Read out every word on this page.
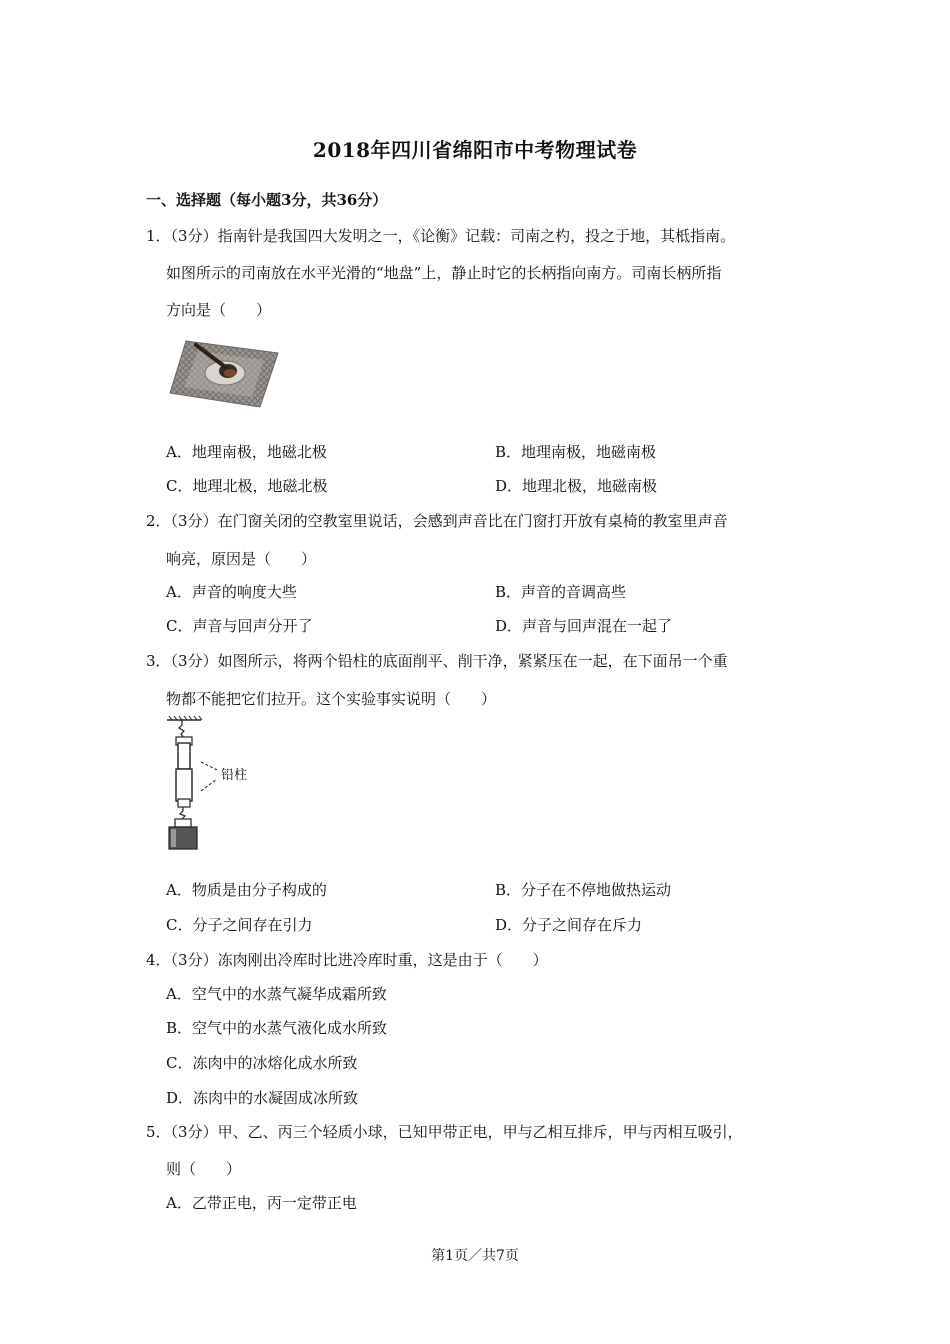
2018年四川省绵阳市中考物理试卷
一、选择题（每小题3分，共36分）
1．（3分）指南针是我国四大发明之一，《论衡》记载：司南之杓，投之于地，其柢指南。
如图所示的司南放在水平光滑的“地盘”上，静止时它的长柄指向南方。司南长柄所指
方向是（　　）
A．地理南极，地磁北极	B．地理南极，地磁南极
C．地理北极，地磁北极	D．地理北极，地磁南极
2．（3分）在门窗关闭的空教室里说话，会感到声音比在门窗打开放有桌椅的教室里声音
响亮，原因是（　　）
A．声音的响度大些	B．声音的音调高些
C．声音与回声分开了	D．声音与回声混在一起了
3．（3分）如图所示，将两个铅柱的底面削平、削干净，紧紧压在一起，在下面吊一个重
物都不能把它们拉开。这个实验事实说明（　　）
铅柱
A．物质是由分子构成的	B．分子在不停地做热运动
C．分子之间存在引力	D．分子之间存在斥力
4．（3分）冻肉刚出冷库时比进冷库时重，这是由于（　　）
A．空气中的水蒸气凝华成霜所致
B．空气中的水蒸气液化成水所致
C．冻肉中的冰熔化成水所致
D．冻肉中的水凝固成冰所致
5．（3分）甲、乙、丙三个轻质小球，已知甲带正电，甲与乙相互排斥，甲与丙相互吸引，
则（　　）
A．乙带正电，丙一定带正电
第1页／共7页
